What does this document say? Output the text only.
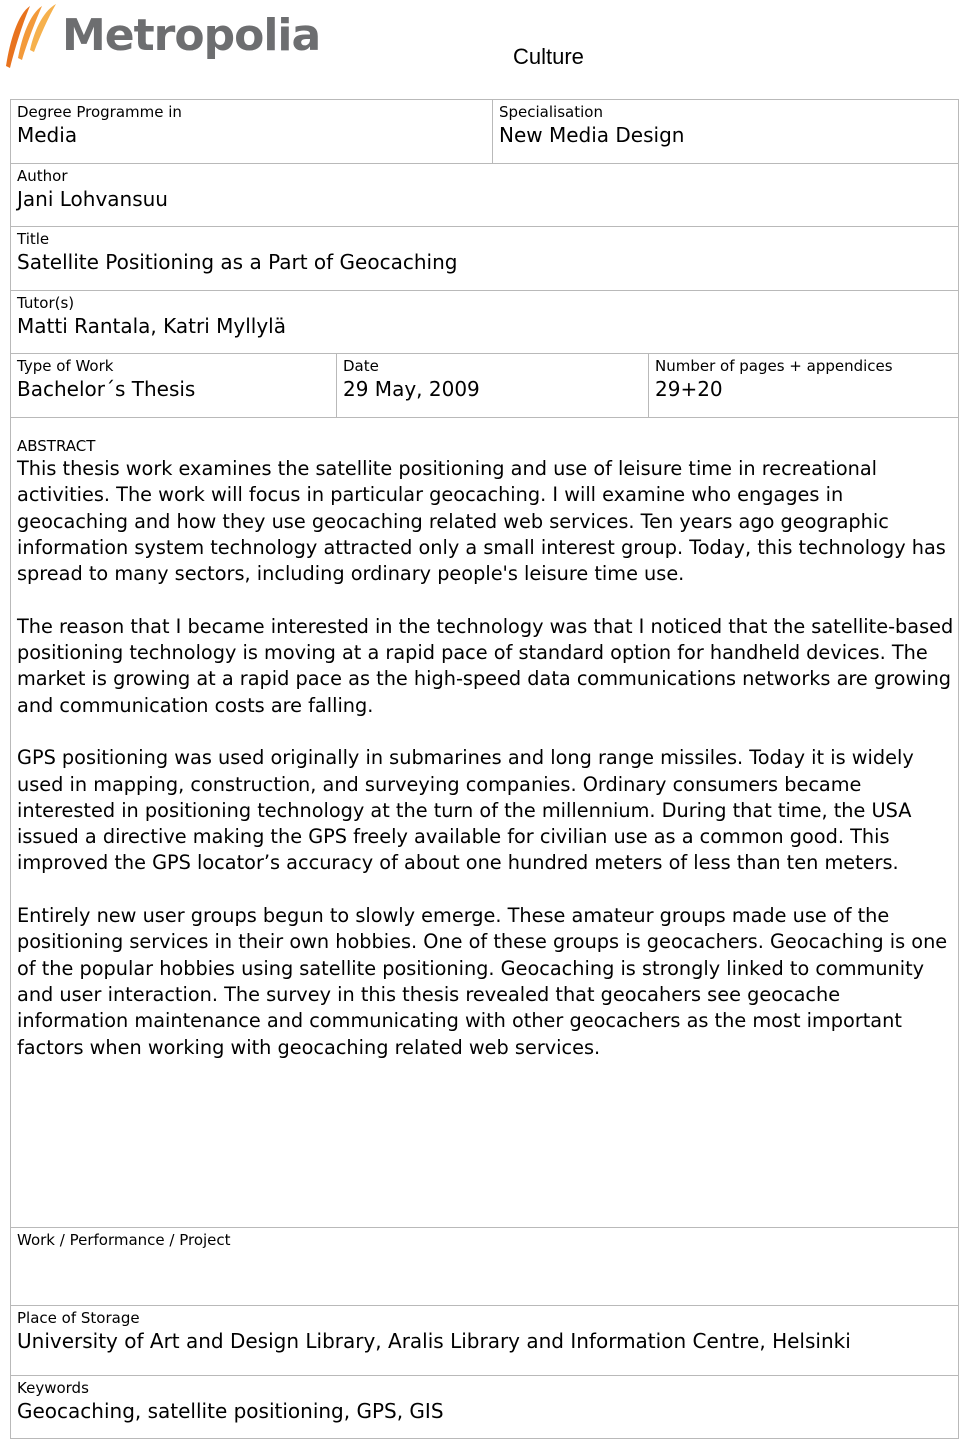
Metropolia	Culture
Degree Programme in
Media
Specialisation
New Media Design
Author
Jani Lohvansuu
Title
Satellite Positioning as a Part of Geocaching
Tutor(s)
Matti Rantala, Katri Myllylä
Type of Work
Bachelor´s Thesis
Date
29 May, 2009
Number of pages + appendices
29+20
ABSTRACT

This thesis work examines the satellite positioning and use of leisure time in recreational activities. The work will focus in particular geocaching. I will examine who engages in geocaching and how they use geocaching related web services. Ten years ago geographic information system technology attracted only a small interest group. Today, this technology has spread to many sectors, including ordinary people's leisure time use.

The reason that I became interested in the technology was that I noticed that the satellite-based positioning technology is moving at a rapid pace of standard option for handheld devices. The market is growing at a rapid pace as the high-speed data communications networks are growing and communication costs are falling.

GPS positioning was used originally in submarines and long range missiles. Today it is widely used in mapping, construction, and surveying companies. Ordinary consumers became interested in positioning technology at the turn of the millennium. During that time, the USA issued a directive making the GPS freely available for civilian use as a common good. This improved the GPS locator’s accuracy of about one hundred meters of less than ten meters.

Entirely new user groups begun to slowly emerge. These amateur groups made use of the positioning services in their own hobbies. One of these groups is geocachers. Geocaching is one of the popular hobbies using satellite positioning. Geocaching is strongly linked to community and user interaction. The survey in this thesis revealed that geocahers see geocache information maintenance and communicating with other geocachers as the most important factors when working with geocaching related web services.

Work / Performance / Project
Place of Storage
University of Art and Design Library, Aralis Library and Information Centre, Helsinki
Keywords
Geocaching, satellite positioning, GPS, GIS
